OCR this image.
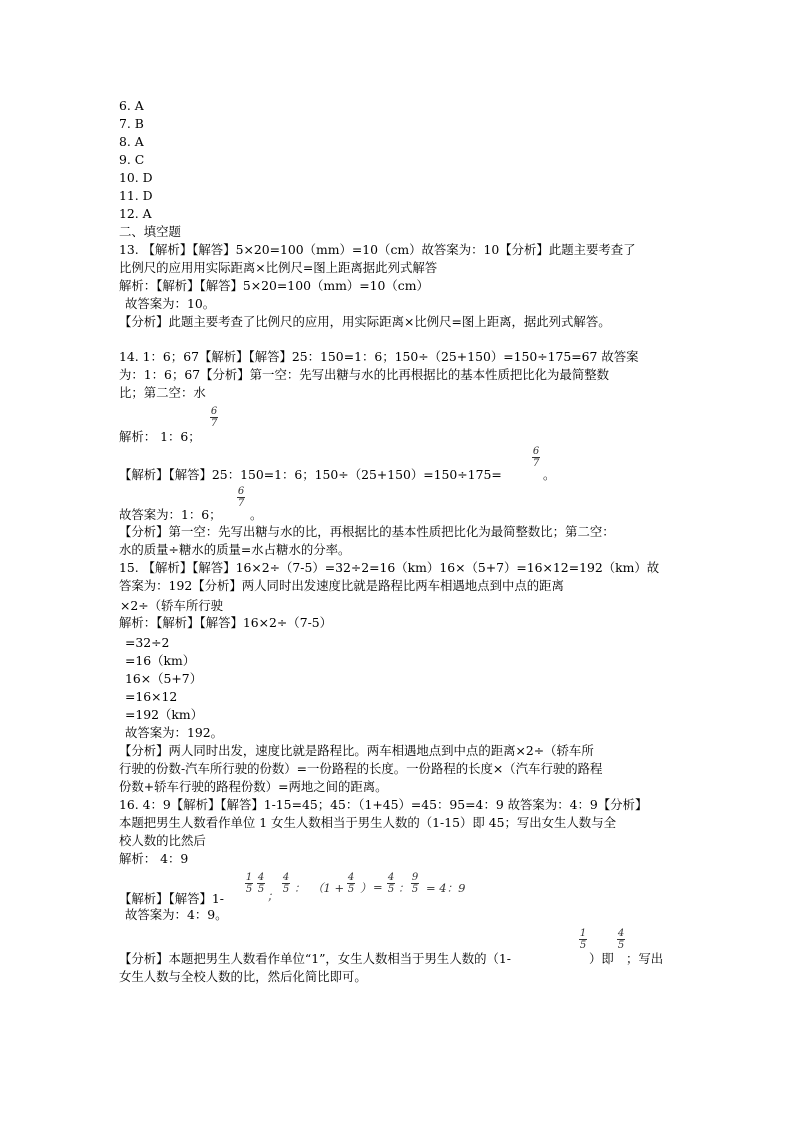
6. A
7. B
8. A
9. C
10. D
11. D
12. A
二、填空题
13. 【解析】【解答】5×20=100（mm）=10（cm）故答案为：10【分析】此题主要考查了
比例尺的应用用实际距离×比例尺=图上距离据此列式解答
解析：【解析】【解答】5×20=100（mm）=10（cm）
故答案为：10。
【分析】此题主要考查了比例尺的应用，用实际距离×比例尺=图上距离，据此列式解答。
14. 1：6；67【解析】【解答】25：150=1：6；150÷（25+150）=150÷175=67 故答案
为：1：6；67【分析】第一空：先写出糖与水的比再根据比的基本性质把比化为最简整数
比；第二空：水
6
7
解析： 1：6；
6
7
【解析】【解答】25：150=1：6；150÷（25+150）=150÷175=	。
6
7
故答案为：1：6； 。
【分析】第一空：先写出糖与水的比，再根据比的基本性质把比化为最简整数比；第二空：
水的质量÷糖水的质量=水占糖水的分率。
15. 【解析】【解答】16×2÷（7-5）=32÷2=16（km）16×（5+7）=16×12=192（km）故
答案为：192【分析】两人同时出发速度比就是路程比两车相遇地点到中点的距离
×2÷（轿车所行驶
解析：【解析】【解答】16×2÷（7-5）
=32÷2
=16（km）
16×（5+7）
=16×12
=192（km）
故答案为：192。
【分析】两人同时出发，速度比就是路程比。两车相遇地点到中点的距离×2÷（轿车所
行驶的份数-汽车所行驶的份数）=一份路程的长度。一份路程的长度×（汽车行驶的路程
份数+轿车行驶的路程份数）=两地之间的距离。
16. 4：9【解析】【解答】1-15=45；45：（1+45）=45：95=4：9 故答案为：4：9【分析】
本题把男生人数看作单位 1 女生人数相当于男生人数的（1-15）即 45；写出女生人数与全
校人数的比然后
解析： 4：9
【解析】【解答】1-
1
5
4
5 ；
4
5 ： （1 +
4
5 ） =
4
5 ：
9
5 = 4：9
故答案为：4：9。
1
5
4
5
【分析】本题把男生人数看作单位“1”，女生人数相当于男生人数的（1-	）即 ；写出
女生人数与全校人数的比，然后化简比即可。
